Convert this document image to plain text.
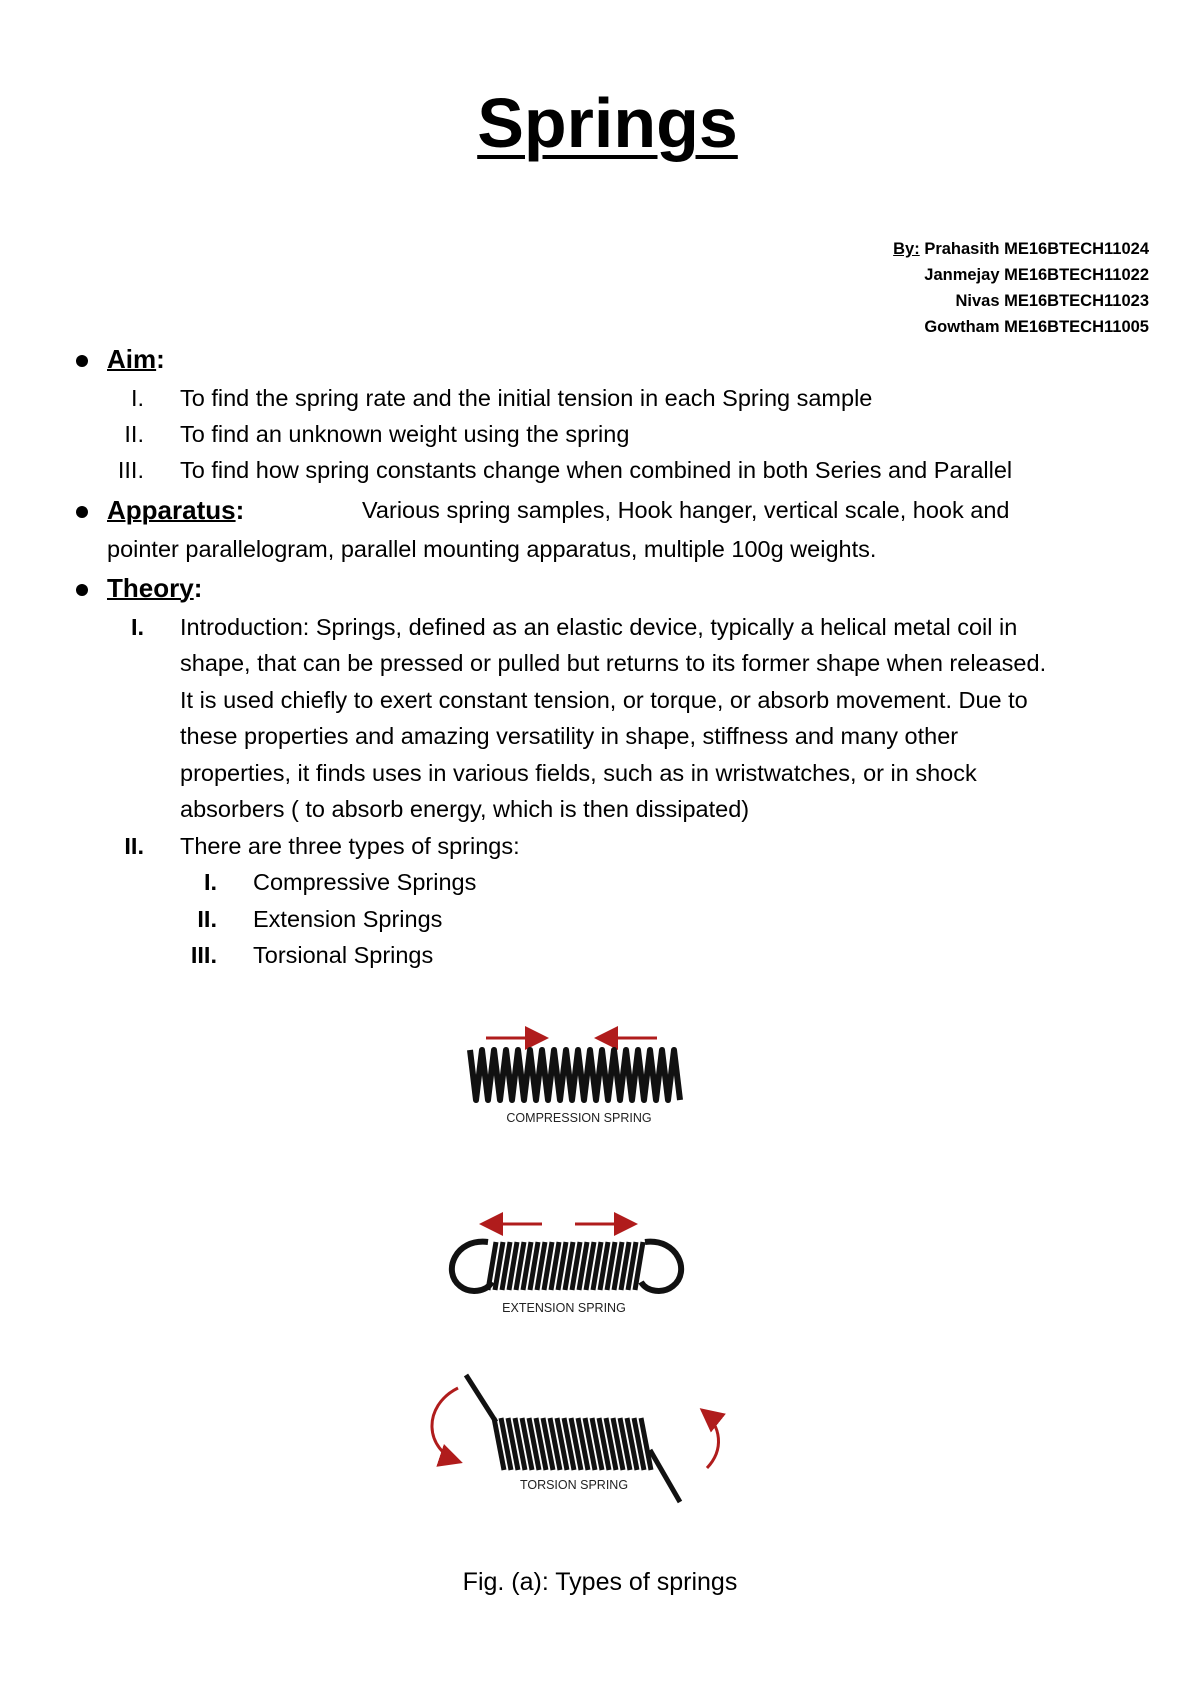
Springs
By: Prahasith ME16BTECH11024
Janmejay ME16BTECH11022
Nivas ME16BTECH11023
Gowtham ME16BTECH11005
Aim:
I. To find the spring rate and the initial tension in each Spring sample
II. To find an unknown weight using the spring
III. To find how spring constants change when combined in both Series and Parallel
Apparatus:	Various spring samples, Hook hanger, vertical scale, hook and
pointer parallelogram, parallel mounting apparatus, multiple 100g weights.
Theory:
I. Introduction: Springs, defined as an elastic device, typically a helical metal coil in
shape, that can be pressed or pulled but returns to its former shape when released.
It is used chiefly to exert constant tension, or torque, or absorb movement. Due to
these properties and amazing versatility in shape, stiffness and many other
properties, it finds uses in various fields, such as in wristwatches, or in shock
absorbers ( to absorb energy, which is then dissipated)
II. There are three types of springs:
I. Compressive Springs
II. Extension Springs
III. Torsional Springs
COMPRESSION SPRING
EXTENSION SPRING
TORSION SPRING
Fig. (a): Types of springs
